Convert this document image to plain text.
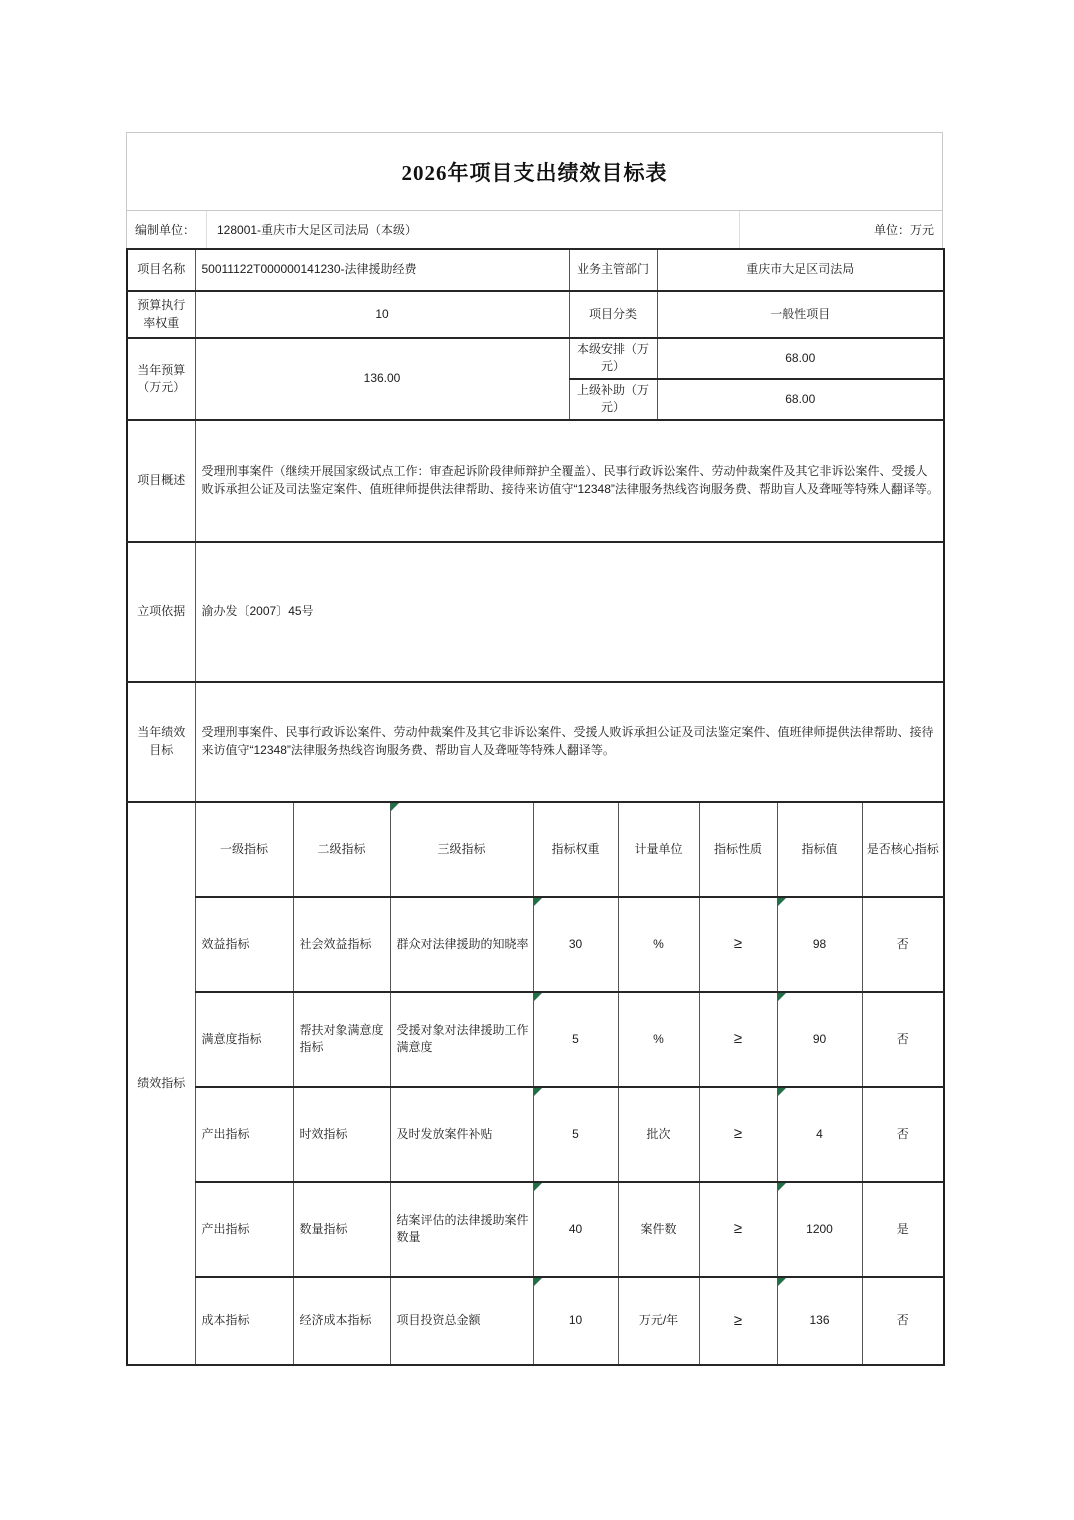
2026年项目支出绩效目标表
编制单位：	128001-重庆市大足区司法局（本级）	单位：万元
项目名称	50011122T000000141230-法律援助经费	业务主管部门	重庆市大足区司法局
预算执行率权重	10	项目分类	一般性项目
当年预算（万元）	136.00	本级安排（万元）	68.00
		上级补助（万元）	68.00
项目概述	受理刑事案件（继续开展国家级试点工作：审查起诉阶段律师辩护全覆盖）、民事行政诉讼案件、劳动仲裁案件及其它非诉讼案件、受援人败诉承担公证及司法鉴定案件、值班律师提供法律帮助、接待来访值守“12348”法律服务热线咨询服务费、帮助盲人及聋哑等特殊人翻译等。		
立项依据	渝办发〔2007〕45号		
当年绩效目标	受理刑事案件、民事行政诉讼案件、劳动仲裁案件及其它非诉讼案件、受援人败诉承担公证及司法鉴定案件、值班律师提供法律帮助、接待来访值守“12348”法律服务热线咨询服务费、帮助盲人及聋哑等特殊人翻译等。		
绩效指标	一级指标	二级指标	三级指标	指标权重	计量单位	指标性质	指标值	是否核心指标
	效益指标	社会效益指标	群众对法律援助的知晓率	30	%	≥	98	否
	满意度指标	帮扶对象满意度指标	受援对象对法律援助工作满意度	5	%	≥	90	否
	产出指标	时效指标	及时发放案件补贴	5	批次	≥	4	否
	产出指标	数量指标	结案评估的法律援助案件数量	40	案件数	≥	1200	是
	成本指标	经济成本指标	项目投资总金额	10	万元/年	≥	136	否
